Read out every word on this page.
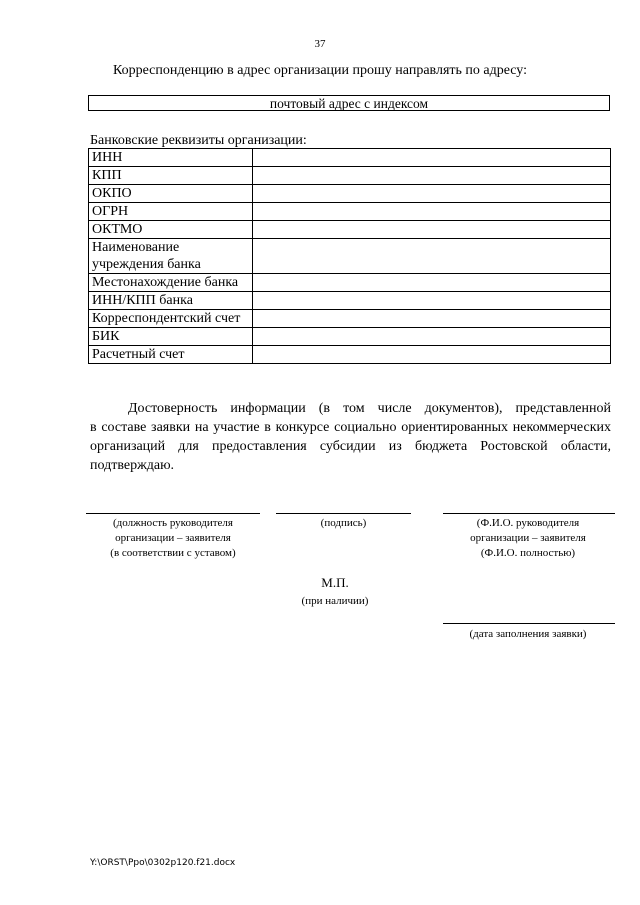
37
Корреспонденцию в адрес организации прошу направлять по адресу:
почтовый адрес с индексом
Банковские реквизиты организации:
ИНН	
КПП	
ОКПО	
ОГРН	
ОКТМО	
Наименование учреждения банка	
Местонахождение банка	
ИНН/КПП банка	
Корреспондентский счет	
БИК	
Расчетный счет	

Достоверность информации (в том числе документов), представленной

в составе заявки на участие в конкурсе социально ориентированных некоммерческих организаций для предоставления субсидии из бюджета Ростовской области, подтверждаю.

(должность руководителя
организации – заявителя
(в соответствии с уставом)
(подпись)	(Ф.И.О. руководителя
организации – заявителя
(Ф.И.О. полностью)
М.П.
(при наличии)
(дата заполнения заявки)
Y:\ORST\Ppo\0302p120.f21.docx
